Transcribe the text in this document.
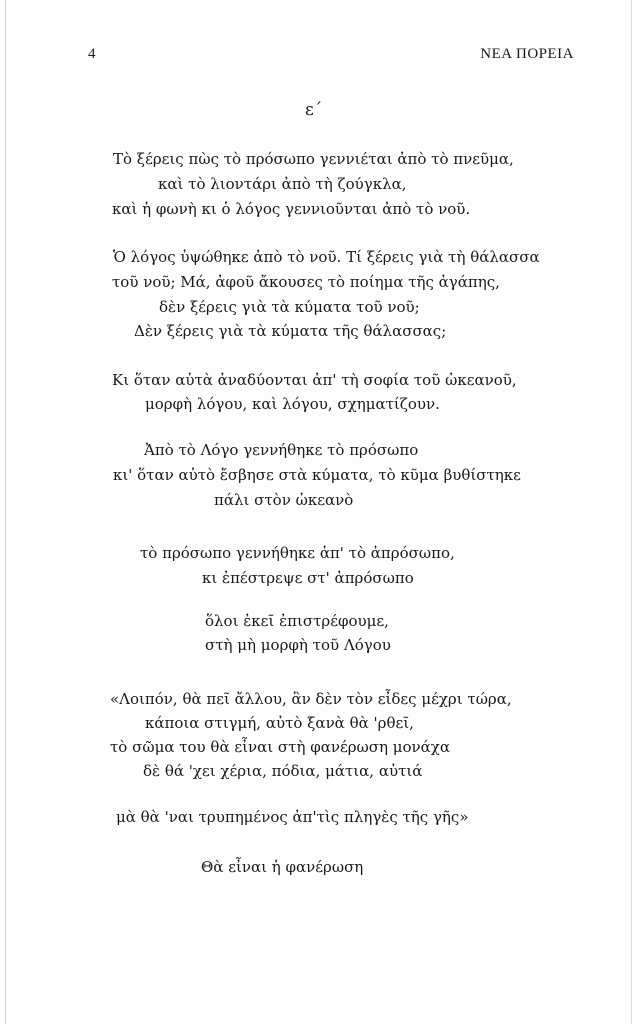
4	ΝΕΑ ΠΟΡΕΙΑ
ε΄
Τὸ ξέρεις πὼς τὸ πρόσωπο γεννιέται ἀπὸ τὸ πνεῦμα,
καὶ τὸ λιοντάρι ἀπὸ τὴ ζούγκλα,
καὶ ἡ φωνὴ κι ὁ λόγος γεννιοῦνται ἀπὸ τὸ νοῦ.
Ὁ λόγος ὑψώθηκε ἀπὸ τὸ νοῦ. Τί ξέρεις γιὰ τὴ θάλασσα
τοῦ νοῦ; Μά, ἀφοῦ ἄκουσες τὸ ποίημα τῆς ἀγάπης,
δὲν ξέρεις γιὰ τὰ κύματα τοῦ νοῦ;
Δὲν ξέρεις γιὰ τὰ κύματα τῆς θάλασσας;
Κι ὅταν αὐτὰ ἀναδύονται ἀπ' τὴ σοφία τοῦ ὠκεανοῦ,
μορφὴ λόγου, καὶ λόγου, σχηματίζουν.
Ἀπὸ τὸ Λόγο γεννήθηκε τὸ πρόσωπο
κι' ὅταν αὐτὸ ἔσβησε στὰ κύματα, τὸ κῦμα βυθίστηκε
πάλι στὸν ὠκεανὸ
τὸ πρόσωπο γεννήθηκε ἀπ' τὸ ἀπρόσωπο,
κι ἐπέστρεψε στ' ἀπρόσωπο
ὅλοι ἐκεῖ ἐπιστρέφουμε,
στὴ μὴ μορφὴ τοῦ Λόγου
«Λοιπόν, θὰ πεῖ ἄλλου, ἂν δὲν τὸν εἶδες μέχρι τώρα,
κάποια στιγμή, αὐτὸ ξανὰ θὰ 'ρθεῖ,
τὸ σῶμα του θὰ εἶναι στὴ φανέρωση μονάχα
δὲ θά 'χει χέρια, πόδια, μάτια, αὐτιά
μὰ θὰ 'ναι τρυπημένος ἀπ'τὶς πληγὲς τῆς γῆς»
Θὰ εἶναι ἡ φανέρωση
